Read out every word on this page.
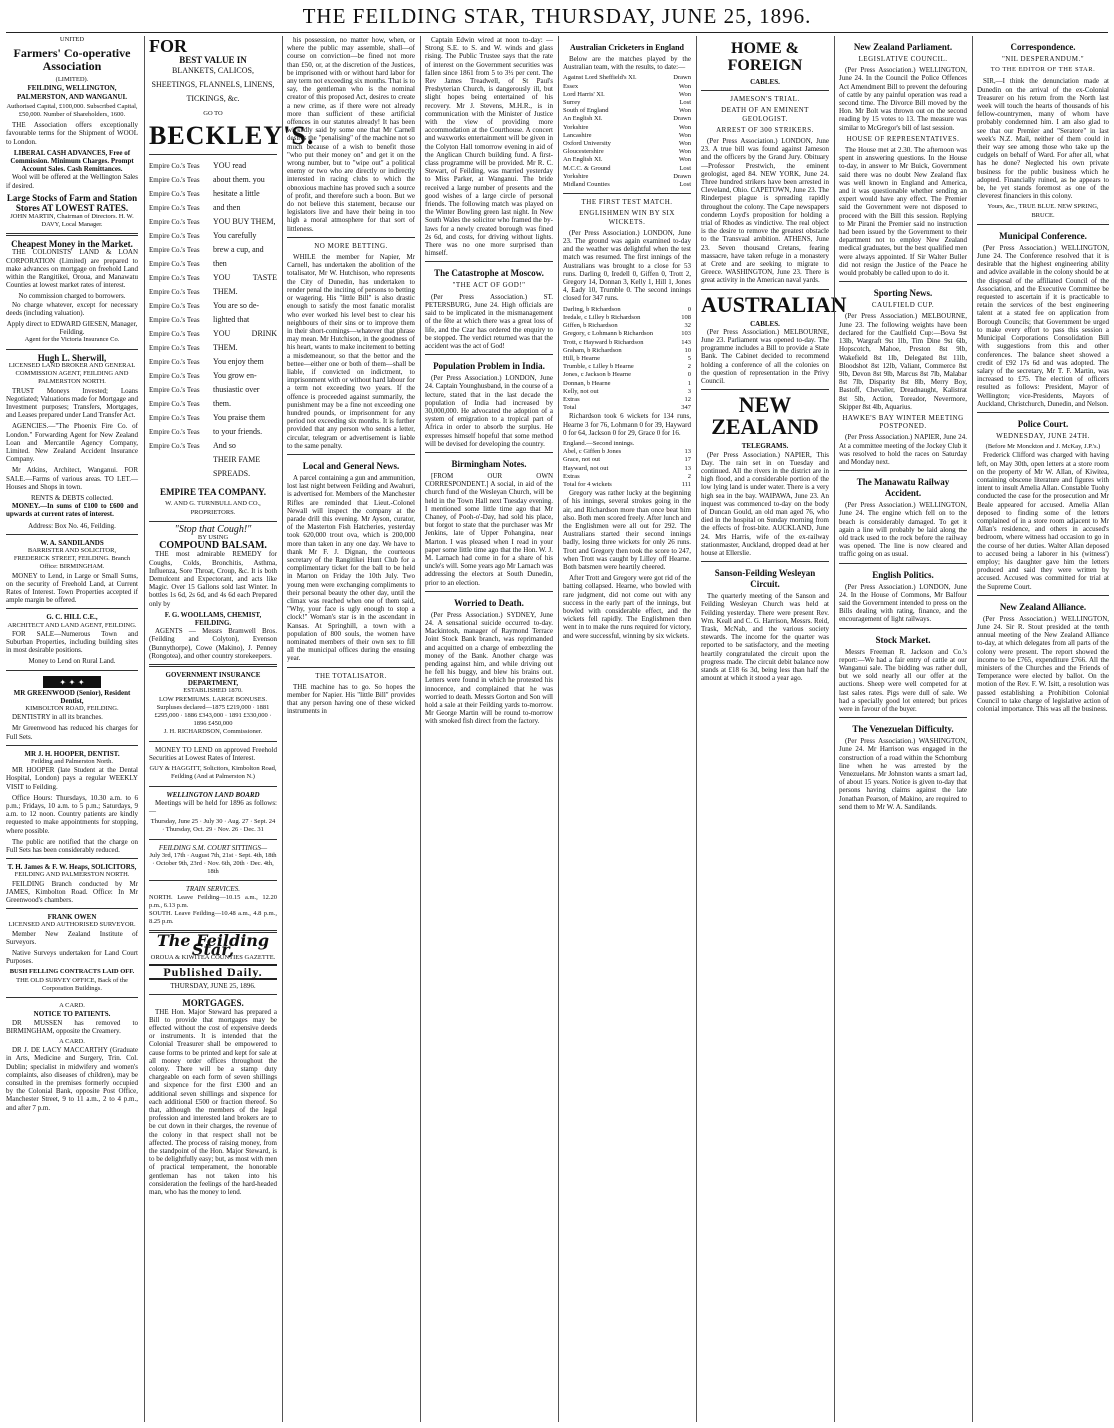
THE FEILDING STAR, THURSDAY, JUNE 25, 1896.
UNITED
Farmers' Co-operative Association
(LIMITED).
FEILDING, WELLINGTON, PALMERSTON, AND WANGANUI.
Authorised Capital, £100,000. Subscribed Capital, £50,000. Number of Shareholders, 1600.

THE Association offers exceptionally favourable terms for the Shipment of WOOL to London.

LIBERAL CASH ADVANCES, Free of Commission. Minimum Charges. Prompt Account Sales. Cash Remittances.

Wool will be offered at the Wellington Sales if desired.

Large Stocks of Farm and Station Stores AT LOWEST RATES.
JOHN MARTIN, Chairman of Directors. H. W. DAVY, Local Manager.
Cheapest Money in the Market.

THE COLONISTS' LAND & LOAN CORPORATION (Limited) are prepared to make advances on mortgage on freehold Land within the Rangitikei, Oroua, and Manawatu Counties at lowest market rates of interest.

No commission charged to borrowers.

No charge whatever, except for necessary deeds (including valuation).

Apply direct to EDWARD GIESEN, Manager, Feilding.
Agent for the Victoria Insurance Co.
Hugh L. Sherwill,
LICENSED LAND BROKER AND GENERAL COMMISSION AGENT, FEILDING AND PALMERSTON NORTH.

TRUST Moneys Invested; Loans Negotiated; Valuations made for Mortgage and Investment purposes; Transfers, Mortgages, and Leases prepared under Land Transfer Act.

AGENCIES.—"The Phoenix Fire Co. of London." Forwarding Agent for New Zealand Loan and Mercantile Agency Company, Limited. New Zealand Accident Insurance Company.

Mr Atkins, Architect, Wanganui. FOR SALE.—Farms of various areas. TO LET.—Houses and Shops in town.

RENTS & DEBTS collected.

MONEY.—In sums of £100 to £600 and upwards at current rates of interest.

Address: Box No. 46, Feilding.
W. A. SANDILANDS
BARRISTER AND SOLICITOR,
FREDERICK STREET, FEILDING. Branch Office: BIRMINGHAM.

MONEY to Lend, in Large or Small Sums, on the security of Freehold Land, at Current Rates of Interest. Town Properties accepted if ample margin be offered.

G. C. HILL C.E.,
ARCHITECT AND LAND AGENT, FEILDING.

FOR SALE—Numerous Town and Suburban Properties, including building sites in most desirable positions.

Money to Lend on Rural Land.
✦ ✦ ✦
MR GREENWOOD (Senior), Resident Dentist,
KIMBOLTON ROAD, FEILDING.

DENTISTRY in all its branches.

Mr Greenwood has reduced his charges for Full Sets.

MR J. H. HOOPER, DENTIST.
Feilding and Palmerston North.

MR HOOPER (late Student at the Dental Hospital, London) pays a regular WEEKLY VISIT to Feilding.

Office Hours: Thursdays, 10.30 a.m. to 6 p.m.; Fridays, 10 a.m. to 5 p.m.; Saturdays, 9 a.m. to 12 noon. Country patients are kindly requested to make appointments for stopping, where possible.

The public are notified that the charge on Full Sets has been considerably reduced.

T. H. James & F. W. Heaps, SOLICITORS,
FEILDING AND PALMERSTON NORTH.

FEILDING Branch conducted by Mr JAMES, Kimbolton Road. Office: In Mr Greenwood's chambers.

FRANK OWEN
LICENSED AND AUTHORISED SURVEYOR.

Member New Zealand Institute of Surveyors.

Native Surveys undertaken for Land Court Purposes.

BUSH FELLING CONTRACTS LAID OFF.
THE OLD SURVEY OFFICE, Back of the Corporation Buildings.
A CARD.
NOTICE TO PATIENTS.

DR MUSSEN has removed to BIRMINGHAM, opposite the Creamery.

A CARD.

DR J. DE LACY MACCARTHY (Graduate in Arts, Medicine and Surgery, Trin. Col. Dublin; specialist in midwifery and women's complaints, also diseases of children), may be consulted in the premises formerly occupied by the Colonial Bank, opposite Post Office, Manchester Street, 9 to 11 a.m., 2 to 4 p.m., and after 7 p.m.

FOR
BEST VALUE IN
BLANKETS, CALICOS, SHEETINGS, FLANNELS, LINENS, TICKINGS, &c.
GO TO
BECKLEY'S.
Empire Co.'s Teas
Empire Co.'s Teas
Empire Co.'s Teas
Empire Co.'s Teas
Empire Co.'s Teas
Empire Co.'s Teas
Empire Co.'s Teas
Empire Co.'s Teas
Empire Co.'s Teas
Empire Co.'s Teas
Empire Co.'s Teas
Empire Co.'s Teas
Empire Co.'s Teas
Empire Co.'s Teas
Empire Co.'s Teas
Empire Co.'s Teas
Empire Co.'s Teas
Empire Co.'s Teas
Empire Co.'s Teas
Empire Co.'s Teas
Empire Co.'s Teas
YOU read
about them. you
hesitate a little
and then
YOU BUY THEM,
You carefully
brew a cup, and
then
YOU TASTE THEM.
You are so de-
lighted that
YOU DRINK THEM.
You enjoy them
You grow en-
thusiastic over
them.
You praise them
to your friends.
And so
THEIR FAME
SPREADS.
EMPIRE TEA COMPANY.
W. AND G. TURNBULL AND CO., PROPRIETORS.
"Stop that Cough!"
BY USING
COMPOUND BALSAM.

THE most admirable REMEDY for Coughs, Colds, Bronchitis, Asthma, Influenza, Sore Throat, Croup, &c. It is both Demulcent and Expectorant, and acts like Magic. Over 15 Gallons sold last Winter. In bottles 1s 6d, 2s 6d, and 4s 6d each Prepared only by

F. G. WOOLLAMS, CHEMIST, FEILDING.

AGENTS — Messrs Bramwell Bros. (Feilding and Colyton), Evenson (Bunnythorpe), Cowe (Makino), J. Penney (Rongotea), and other country storekeepers.

GOVERNMENT INSURANCE DEPARTMENT,
ESTABLISHED 1870.
LOW PREMIUMS. LARGE BONUSES.
Surpluses declared—1875 £219,000 · 1881 £295,000 · 1886 £343,000 · 1891 £330,000 · 1896 £450,000
J. H. RICHARDSON, Commissioner.

MONEY TO LEND on approved Freehold Securities at Lowest Rates of Interest.

GUY & HAGGITT, Solicitors, Kimbolton Road, Feilding (And at Palmerston N.)
WELLINGTON LAND BOARD

Meetings will be held for 1896 as follows:—

Thursday, June 25 · July 30 · Aug. 27 · Sept. 24 · Thursday, Oct. 29 · Nov. 26 · Dec. 31
FEILDING S.M. COURT SITTINGS—
July 3rd, 17th · August 7th, 21st · Sept. 4th, 18th · October 9th, 23rd · Nov. 6th, 20th · Dec. 4th, 18th
TRAIN SERVICES.
NORTH. Leave Feilding—10.15 a.m., 12.20 p.m., 6.13 p.m.
SOUTH. Leave Feilding—10.48 a.m., 4.8 p.m., 8.25 p.m.
The Feilding Star,
OROUA & KIWITEA COUNTIES GAZETTE.
Published Daily.
THURSDAY, JUNE 25, 1896.
MORTGAGES.

THE Hon. Major Steward has prepared a Bill to provide that mortgages may be effected without the cost of expensive deeds or instruments. It is intended that the Colonial Treasurer shall be empowered to cause forms to be printed and kept for sale at all money order offices throughout the colony. There will be a stamp duty chargeable on each form of seven shillings and sixpence for the first £300 and an additional seven shillings and sixpence for each additional £500 or fraction thereof. So that, although the members of the legal profession and interested land brokers are to be cut down in their charges, the revenue of the colony in that respect shall not be affected. The process of raising money, from the standpoint of the Hon. Major Steward, is to be delightfully easy; but, as most with men of practical temperament, the honorable gentleman has not taken into his consideration the feelings of the hard-headed man, who has the money to lend.

his possession, no matter how, when, or where the public may assemble, shall—of course on conviction—be fined not more than £50, or, at the discretion of the Justices, be imprisoned with or without hard labor for any term not exceeding six months. That is to say, the gentleman who is the nominal creator of this proposed Act, desires to create a new crime, as if there were not already more than sufficient of these artificial offences in our statutes already! It has been wickedly said by some one that Mr Carnell desires the "penalising" of the machine not so much because of a wish to benefit those "who put their money on" and get it on the wrong number, but to "wipe out" a political enemy or two who are directly or indirectly interested in racing clubs to which the obnoxious machine has proved such a source of profit, and therefore such a boon. But we do not believe this statement, because our legislators live and have their being in too high a moral atmosphere for that sort of littleness.

NO MORE BETTING.

WHILE the member for Napier, Mr Carnell, has undertaken the abolition of the totalisator, Mr W. Hutchison, who represents the City of Dunedin, has undertaken to render penal the inciting of persons to betting or wagering. His "little Bill" is also drastic enough to satisfy the most fanatic moralist who ever worked his level best to clear his neighbours of their sins or to improve them in their short-comings—whatever that phrase may mean. Mr Hutchison, in the goodness of his heart, wants to make incitement to betting a misdemeanour, so that the bettor and the bettee—either one or both of them—shall be liable, if convicted on indictment, to imprisonment with or without hard labour for a term not exceeding two years. If the offence is proceeded against summarily, the punishment may be a fine not exceeding one hundred pounds, or imprisonment for any period not exceeding six months. It is further provided that any person who sends a letter, circular, telegram or advertisement is liable to the same penalty.

Local and General News.

A parcel containing a gun and ammunition, lost last night between Feilding and Awahuri, is advertised for. Members of the Manchester Rifles are reminded that Lieut.-Colonel Newall will inspect the company at the parade drill this evening. Mr Ayson, curator, of the Masterton Fish Hatcheries, yesterday took 620,000 trout ova, which is 200,000 more than taken in any one day. We have to thank Mr F. J. Dignan, the courteous secretary of the Rangitikei Hunt Club for a complimentary ticket for the ball to be held in Marton on Friday the 10th July. Two young men were exchanging compliments to their personal beauty the other day, until the climax was reached when one of them said, "Why, your face is ugly enough to stop a clock!" Woman's star is in the ascendant in Kansas. At Springhill, a town with a population of 800 souls, the women have nominated members of their own sex to fill all the municipal offices during the ensuing year.

THE TOTALISATOR.

THE machine has to go. So hopes the member for Napier. His "little Bill" provides that any person having one of these wicked instruments in

Captain Edwin wired at noon to-day: —Strong S.E. to S. and W. winds and glass rising. The Public Trustee says that the rate of interest on the Government securities was fallen since 1861 from 5 to 3½ per cent. The Rev James Treadwell, of St Paul's Presbyterian Church, is dangerously ill, but slight hopes being entertained of his recovery. Mr J. Stevens, M.H.R., is in communication with the Minister of Justice with the view of providing more accommodation at the Courthouse. A concert and waxworks entertainment will be given in the Colyton Hall tomorrow evening in aid of the Anglican Church building fund. A first-class programme will be provided. Mr R. C. Stewart, of Feilding, was married yesterday to Miss Parker, at Wanganui. The bride received a large number of presents and the good wishes of a large circle of personal friends. The following match was played on the Winter Bowling green last night. In New South Wales the solicitor who framed the by-laws for a newly created borough was fined 2s 6d, and costs, for driving without lights. There was no one more surprised than himself.

The Catastrophe at Moscow.
"THE ACT OF GOD!"

(Per Press Association.) ST. PETERSBURG, June 24. High officials are said to be implicated in the mismanagement of the fête at which there was a great loss of life, and the Czar has ordered the enquiry to be stopped. The verdict returned was that the accident was the act of God!

Population Problem in India.

(Per Press Association.) LONDON, June 24. Captain Younghusband, in the course of a lecture, stated that in the last decade the population of India had increased by 30,000,000. He advocated the adoption of a system of emigration to a tropical part of Africa in order to absorb the surplus. He expresses himself hopeful that some method will be devised for developing the country.

Birmingham Notes.

[FROM OUR OWN CORRESPONDENT.] A social, in aid of the church fund of the Wesleyan Church, will be held in the Town Hall next Tuesday evening. I mentioned some little time ago that Mr Chaney, of Pooh-o'-Day, had sold his place, but forgot to state that the purchaser was Mr Jenkins, late of Upper Pohangina, near Marton. I was pleased when I read in your paper some little time ago that the Hon. W. J. M. Larnach had come in for a share of his uncle's will. Some years ago Mr Larnach was addressing the electors at South Dunedin, prior to an election.

Worried to Death.

(Per Press Association.) SYDNEY, June 24. A sensational suicide occurred to-day. Mackintosh, manager of Raymond Terrace Joint Stock Bank branch, was reprimanded and acquitted on a charge of embezzling the money of the Bank. Another charge was pending against him, and while driving out he fell his buggy, and blew his brains out. Letters were found in which he protested his innocence, and complained that he was worried to death. Messrs Gorton and Son will hold a sale at their Feilding yards to-morrow. Mr George Martin will be round to-morrow with smoked fish direct from the factory.

Australian Cricketers in England

Below are the matches played by the Australian team, with the results, to date:—

Against Lord Sheffield's XI.	Drawn
Essex	Won
Lord Harris' XI.	Won
Surrey	Lost
South of England	Won
An English XI.	Drawn
Yorkshire	Won
Lancashire	Won
Oxford University	Won
Gloucestershire	Won
An English XI.	Won
M.C.C. & Ground	Lost
Yorkshire	Drawn
Midland Counties	Lost
THE FIRST TEST MATCH.
ENGLISHMEN WIN BY SIX WICKETS.

(Per Press Association.) LONDON, June 23. The ground was again examined to-day and the weather was delightful when the test match was resumed. The first innings of the Australians was brought to a close for 53 runs. Darling 0, Iredell 0, Giffen 0, Trott 2, Gregory 14, Donnan 3, Kelly 1, Hill 1, Jones 4, Eady 10, Trumble 0. The second innings closed for 347 runs.

Darling, b Richardson	0
Iredale, c Lilley b Richardson	108
Giffen, b Richardson	32
Gregory, c Lohmann b Richardson	103
Trott, c Hayward b Richardson	143
Graham, b Richardson	10
Hill, b Hearne	5
Trumble, c Lilley b Hearne	2
Jones, c Jackson b Hearne	0
Donnan, b Hearne	1
Kelly, not out	3
Extras	12
Total	347

Richardson took 6 wickets for 134 runs, Hearne 3 for 76, Lohmann 0 for 39, Hayward 0 for 64, Jackson 0 for 29, Grace 0 for 16.

England.—Second innings.	
Abel, c Giffen b Jones	13
Grace, not out	17
Hayward, not out	13
Extras	2
Total for 4 wickets	111

Gregory was rather lucky at the beginning of his innings, several strokes going in the air, and Richardson more than once beat him also. Both men scored freely. After lunch and the Englishmen were all out for 292. The Australians started their second innings badly, losing three wickets for only 26 runs. Trott and Gregory then took the score to 247, when Trott was caught by Lilley off Hearne. Both batsmen were heartily cheered.

After Trott and Gregory were got rid of the batting collapsed. Hearne, who bowled with rare judgment, did not come out with any success in the early part of the innings, but bowled with considerable effect, and the wickets fell rapidly. The Englishmen then went in to make the runs required for victory, and were successful, winning by six wickets.

HOME & FOREIGN
CABLES.
JAMESON'S TRIAL.
DEATH OF AN EMINENT GEOLOGIST.
ARREST OF 300 STRIKERS.

(Per Press Association.) LONDON, June 23. A true bill was found against Jameson and the officers by the Grand Jury. Obituary—Professor Prestwich, the eminent geologist, aged 84. NEW YORK, June 24. Three hundred strikers have been arrested in Cleveland, Ohio. CAPETOWN, June 23. The Rinderpest plague is spreading rapidly throughout the colony. The Cape newspapers condemn Loyd's proposition for holding a trial of Rhodes as vindictive. The real object is the desire to remove the greatest obstacle to the Transvaal ambition. ATHENS, June 23. Seven thousand Cretans, fearing massacre, have taken refuge in a monastery at Crete and are seeking to migrate to Greece. WASHINGTON, June 23. There is great activity in the American naval yards.

AUSTRALIAN
CABLES.

(Per Press Association.) MELBOURNE, June 23. Parliament was opened to-day. The programme includes a Bill to provide a State Bank. The Cabinet decided to recommend holding a conference of all the colonies on the question of representation in the Privy Council.

NEW ZEALAND
TELEGRAMS.

(Per Press Association.) NAPIER, This Day. The rain set in on Tuesday and continued. All the rivers in the district are in high flood, and a considerable portion of the low lying land is under water. There is a very high sea in the bay. WAIPAWA, June 23. An inquest was commenced to-day on the body of Duncan Gould, an old man aged 76, who died in the hospital on Sunday morning from the effects of frost-bite. AUCKLAND, June 24. Mrs Harris, wife of the ex-railway stationmaster, Auckland, dropped dead at her house at Ellerslie.

Sanson-Feilding Wesleyan Circuit.

The quarterly meeting of the Sanson and Feilding Wesleyan Church was held at Feilding yesterday. There were present Rev. Wm. Keall and C. G. Harrison, Messrs. Reid, Trask, McNab, and the various society stewards. The income for the quarter was reported to be satisfactory, and the meeting heartily congratulated the circuit upon the progress made. The circuit debit balance now stands at £18 6s 3d, being less than half the amount at which it stood a year ago.

New Zealand Parliament.
LEGISLATIVE COUNCIL.

(Per Press Association.) WELLINGTON, June 24. In the Council the Police Offences Act Amendment Bill to prevent the defouring of cattle by any painful operation was read a second time. The Divorce Bill moved by the Hon. Mr Bolt was thrown out on the second reading by 15 votes to 13. The measure was similar to McGregor's bill of last session.

HOUSE OF REPRESENTATIVES.

The House met at 2.30. The afternoon was spent in answering questions. In the House to-day, in answer to Mr Buick, Government said there was no doubt New Zealand flax was well known in England and America, and it was questionable whether sending an expert would have any effect. The Premier said the Government were not disposed to proceed with the Bill this session. Replying to Mr Pirani the Premier said no instruction had been issued by the Government to their department not to employ New Zealand medical graduates, but the best qualified men were always appointed. If Sir Walter Buller did not resign the Justice of the Peace he would probably be called upon to do it.

Sporting News.
CAULFIELD CUP.

(Per Press Association.) MELBOURNE, June 23. The following weights have been declared for the Caulfield Cup:—Bova 9st 13lb, Wargraft 9st 1lb, Tim Dine 9st 6lb, Hopscotch, Mahoe, Preston 8st 9lb, Wakefield 8st 1lb, Delegated 8st 11lb, Bloodshot 8st 12lb, Valiant, Commerce 8st 9lb, Devon 8st 9lb, Marcus 8st 7lb, Malabar 8st 7lb, Disparity 8st 8lb, Merry Boy, Bastoff, Chevalier, Dreadnaught, Kalistrat 8st 5lb, Action, Toreador, Nevermore, Skipper 8st 4lb, Aquarius.

HAWKE'S BAY WINTER MEETING POSTPONED.

(Per Press Association.) NAPIER, June 24. At a committee meeting of the Jockey Club it was resolved to hold the races on Saturday and Monday next.

The Manawatu Railway Accident.

(Per Press Association.) WELLINGTON, June 24. The engine which fell on to the beach is considerably damaged. To get it again a line will probably be laid along the old track used to the rock before the railway was opened. The line is now cleared and traffic going on as usual.

English Politics.

(Per Press Association.) LONDON, June 24. In the House of Commons, Mr Balfour said the Government intended to press on the Bills dealing with rating, finance, and the encouragement of light railways.

Stock Market.

Messrs Freeman R. Jackson and Co.'s report:—We had a fair entry of cattle at our Wanganui sale. The bidding was rather dull, but we sold nearly all our offer at the auctions. Sheep were well competed for at last sales rates. Pigs were dull of sale. We had a specially good lot entered; but prices were in favour of the buyer.

The Venezuelan Difficulty.

(Per Press Association.) WASHINGTON, June 24. Mr Harrison was engaged in the construction of a road within the Schomburg line when he was arrested by the Venezuelans. Mr Johnston wants a smart lad, of about 15 years. Notice is given to-day that persons having claims against the late Jonathan Pearson, of Makino, are required to send them to Mr W. A. Sandilands.

Correspondence.
"NIL DESPERANDUM."
TO THE EDITOR OF THE STAR.

SIR,—I think the denunciation made at Dunedin on the arrival of the ex-Colonial Treasurer on his return from the North last week will touch the hearts of thousands of his fellow-countrymen, many of whom have probably condemned him. I am also glad to see that our Premier and "Seratore" in last week's N.Z. Mail, neither of them could in their way see among those who take up the cudgels on behalf of Ward. For after all, what has he done? Neglected his own private business for the public business which he adopted. Financially ruined, as he appears to be, he yet stands foremost as one of the cleverest financiers in this colony.

Yours, &c., TRUE BLUE. NEW SPRING, BRUCE.
Municipal Conference.

(Per Press Association.) WELLINGTON, June 24. The Conference resolved that it is desirable that the highest engineering ability and advice available in the colony should be at the disposal of the affiliated Council of the Association, and the Executive Committee be requested to ascertain if it is practicable to retain the services of the best engineering talent at a stated fee on application from Borough Councils; that Government be urged to make every effort to pass this session a Municipal Corporations Consolidation Bill with suggestions from this and other conferences. The balance sheet showed a credit of £92 17s 6d and was adopted. The salary of the secretary, Mr T. F. Martin, was increased to £75. The election of officers resulted as follows: President, Mayor of Wellington; vice-Presidents, Mayors of Auckland, Christchurch, Dunedin, and Nelson.

Police Court.
WEDNESDAY, JUNE 24TH.
(Before Mr Monckton and J. McKay, J.P.'s.)

Frederick Clifford was charged with having left, on May 30th, open letters at a store room on the property of Mr W. Allan, of Kiwitea, containing obscene literature and figures with intent to insult Amelia Allan. Constable Tuohy conducted the case for the prosecution and Mr Beale appeared for accused. Amelia Allan deposed to finding some of the letters complained of in a store room adjacent to Mr Allan's residence, and others in accused's bedroom, where witness had occasion to go in the course of her duties. Walter Allan deposed to accused being a laborer in his (witness') employ; his daughter gave him the letters produced and said they were written by accused. Accused was committed for trial at the Supreme Court.

New Zealand Alliance.

(Per Press Association.) WELLINGTON, June 24. Sir R. Stout presided at the tenth annual meeting of the New Zealand Alliance to-day, at which delegates from all parts of the colony were present. The report showed the income to be £765, expenditure £766. All the ministers of the Churches and the Friends of Temperance were elected by ballot. On the motion of the Rev. F. W. Isitt, a resolution was passed establishing a Prohibition Colonial Council to take charge of legislative action of colonial importance. This was all the business.
